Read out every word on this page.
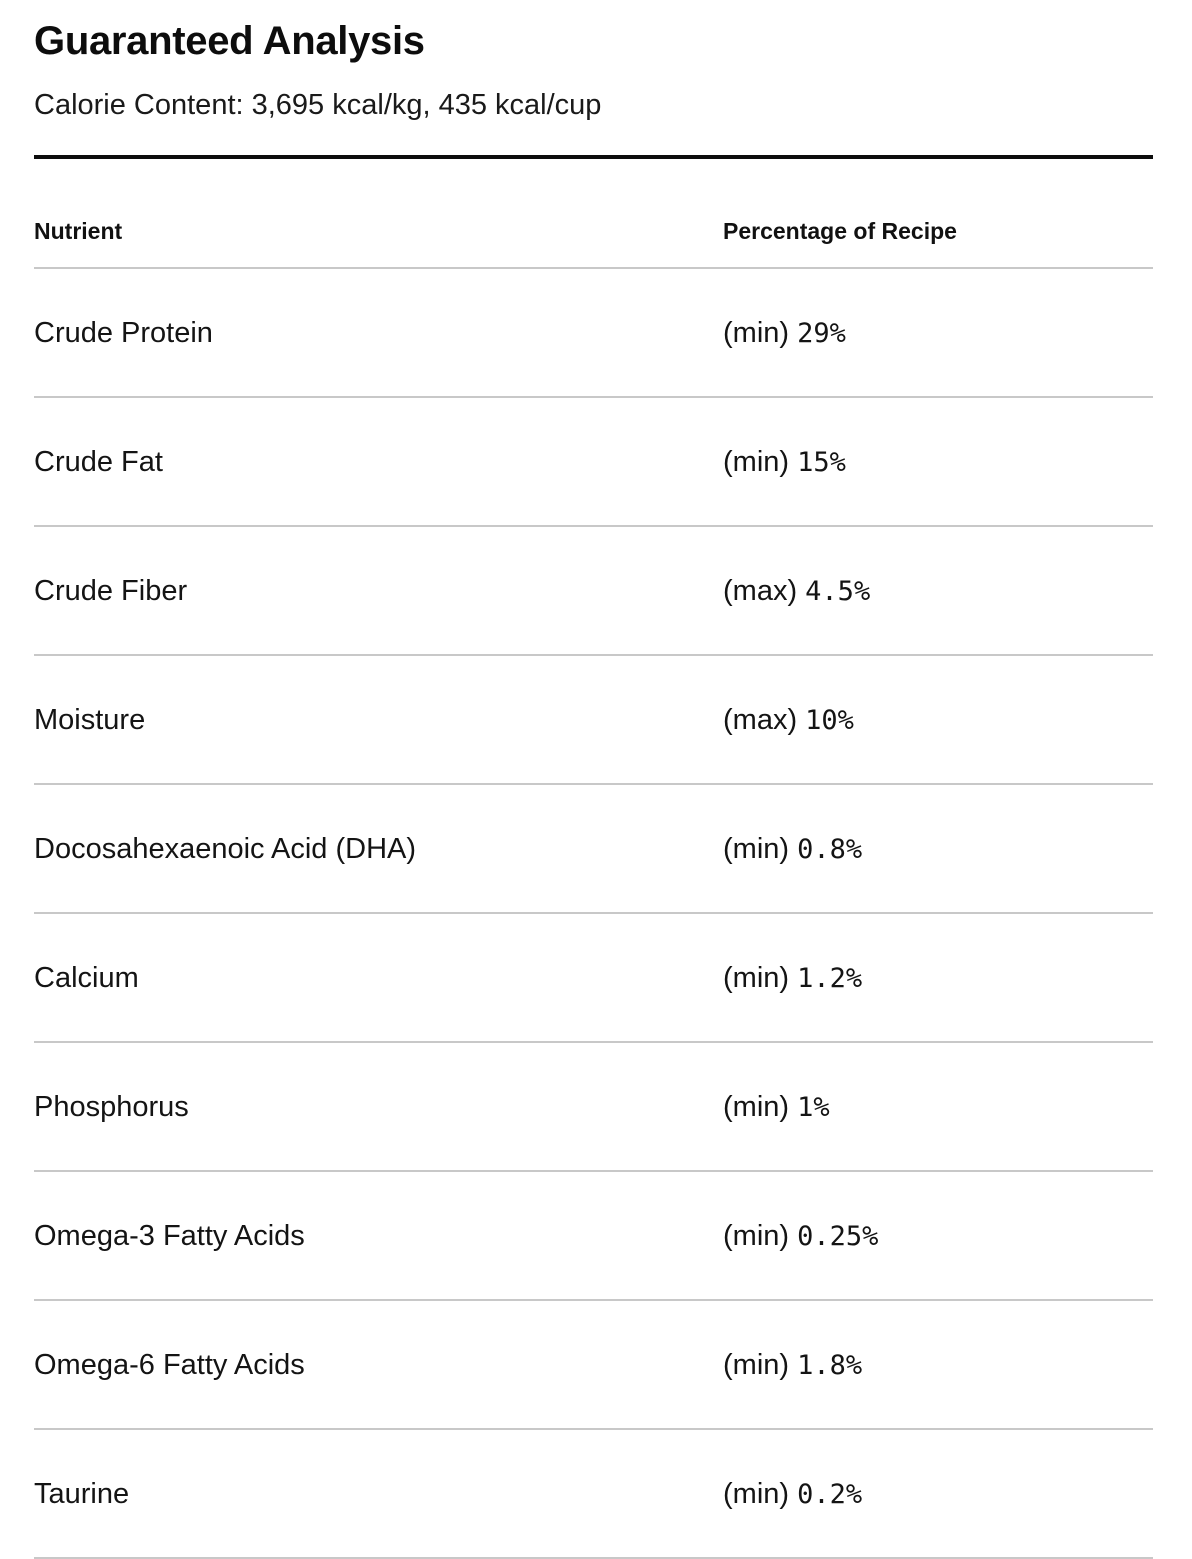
Guaranteed Analysis

Calorie Content: 3,695 kcal/kg, 435 kcal/cup

Nutrient	Percentage of Recipe
Crude Protein	(min) 29%
Crude Fat	(min) 15%
Crude Fiber	(max) 4.5%
Moisture	(max) 10%
Docosahexaenoic Acid (DHA)	(min) 0.8%
Calcium	(min) 1.2%
Phosphorus	(min) 1%
Omega-3 Fatty Acids	(min) 0.25%
Omega-6 Fatty Acids	(min) 1.8%
Taurine	(min) 0.2%
